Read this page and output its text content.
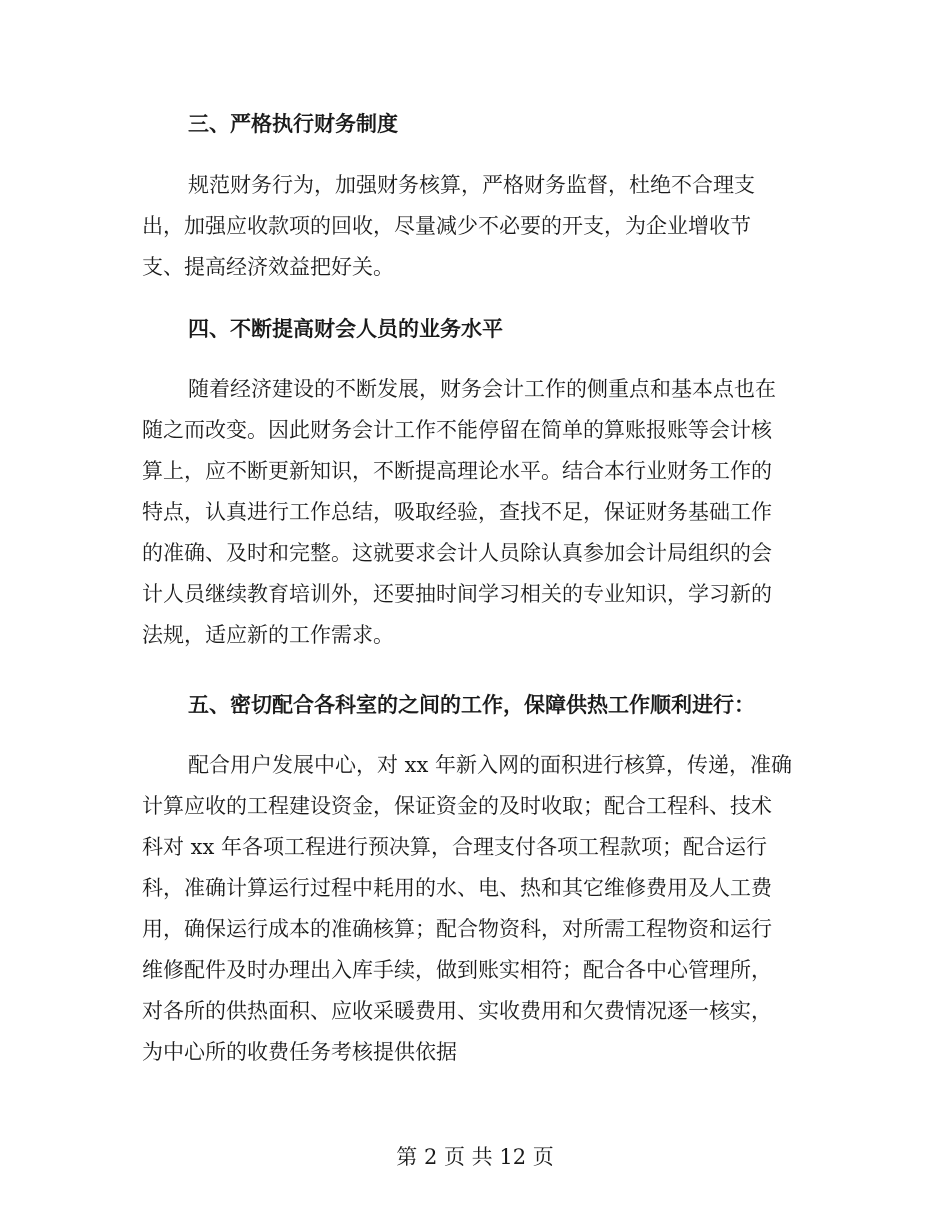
三、严格执行财务制度
规范财务行为，加强财务核算，严格财务监督，杜绝不合理支
出，加强应收款项的回收，尽量减少不必要的开支，为企业增收节
支、提高经济效益把好关。
四、不断提高财会人员的业务水平
随着经济建设的不断发展，财务会计工作的侧重点和基本点也在
随之而改变。因此财务会计工作不能停留在简单的算账报账等会计核
算上，应不断更新知识，不断提高理论水平。结合本行业财务工作的
特点，认真进行工作总结，吸取经验，查找不足，保证财务基础工作
的准确、及时和完整。这就要求会计人员除认真参加会计局组织的会
计人员继续教育培训外，还要抽时间学习相关的专业知识，学习新的
法规，适应新的工作需求。
五、密切配合各科室的之间的工作，保障供热工作顺利进行：
配合用户发展中心，对 xx 年新入网的面积进行核算，传递，准确
计算应收的工程建设资金，保证资金的及时收取；配合工程科、技术
科对 xx 年各项工程进行预决算，合理支付各项工程款项；配合运行
科，准确计算运行过程中耗用的水、电、热和其它维修费用及人工费
用，确保运行成本的准确核算；配合物资科，对所需工程物资和运行
维修配件及时办理出入库手续，做到账实相符；配合各中心管理所，
对各所的供热面积、应收采暖费用、实收费用和欠费情况逐一核实，
为中心所的收费任务考核提供依据

第 2 页 共 12 页
